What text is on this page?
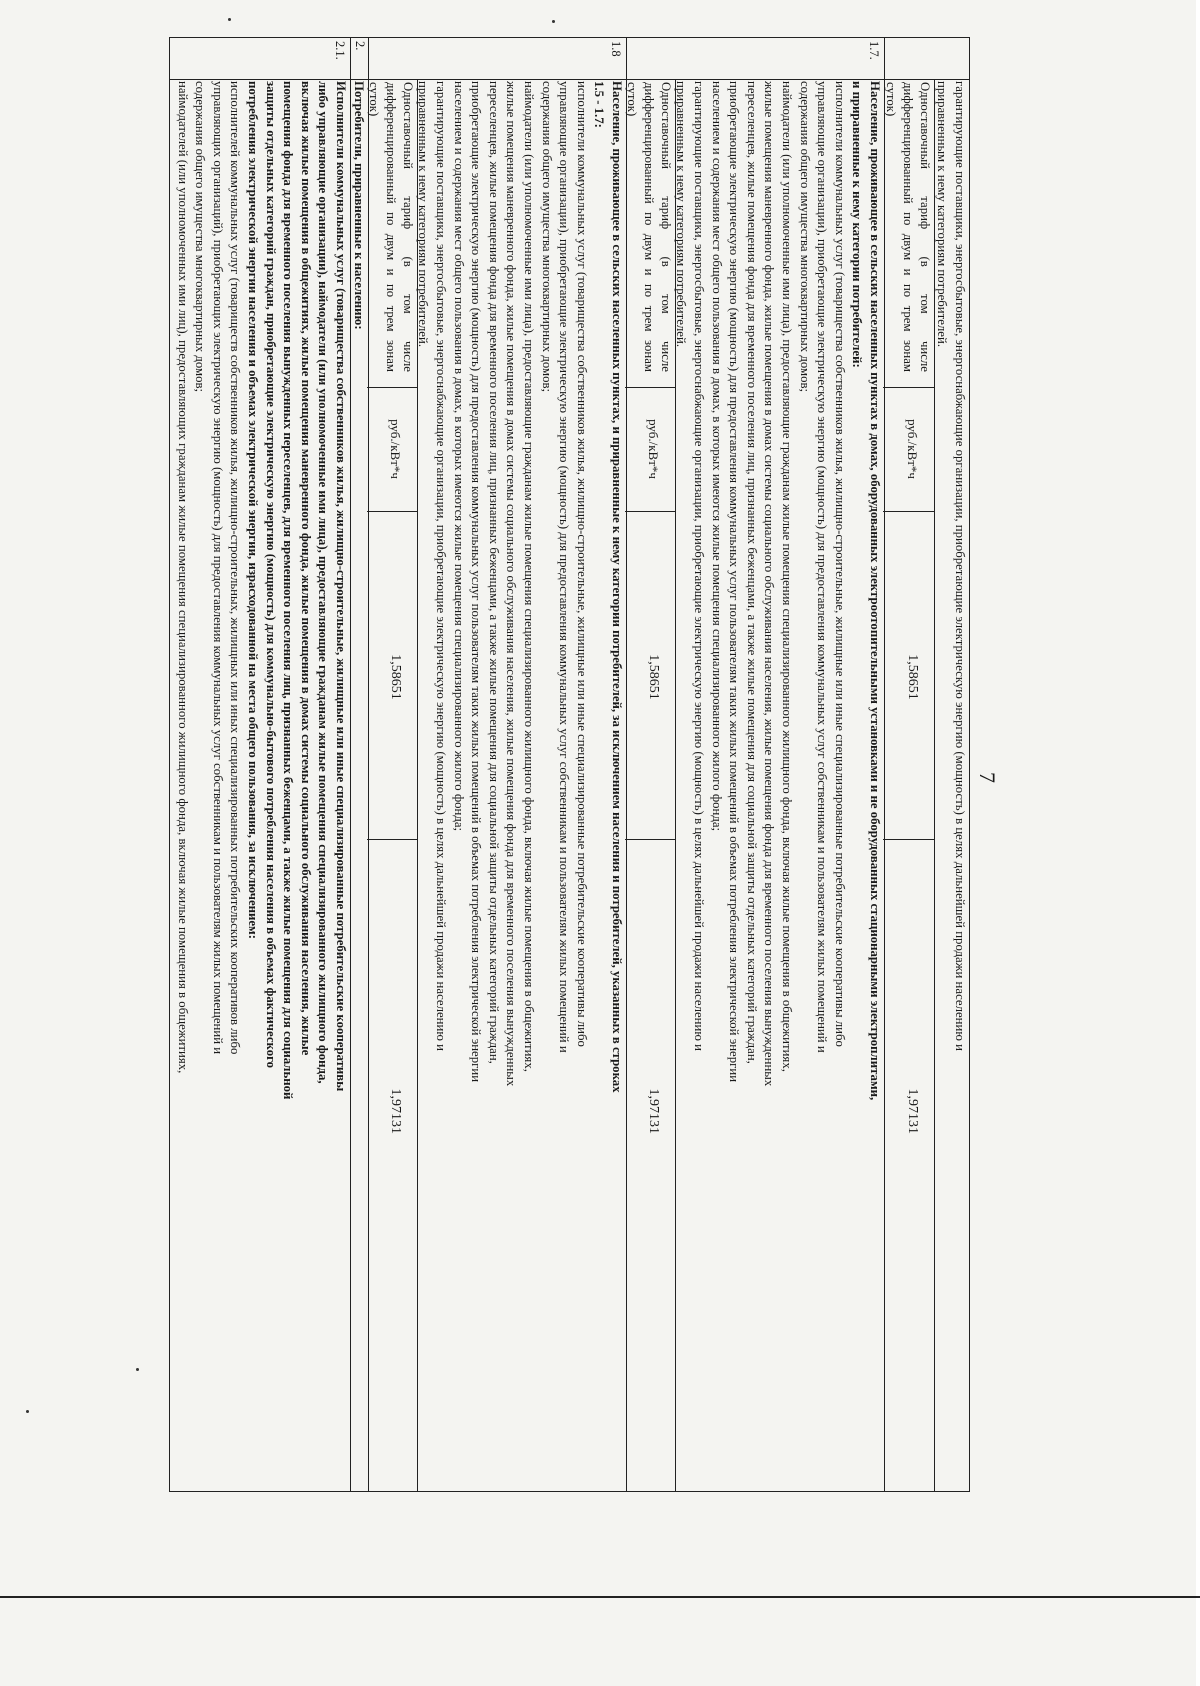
7

гарантирующие поставщики, энергосбытовые, энергоснабжающие организации, приобретающие электрическую энергию (мощность) в целях дальнейшей продажи населению и

приравненным к нему категориям потребителей.

Одноставочный тариф (в том числе дифференцированный по двум и по трем зонам суток)
руб./кВт*ч
1,58651
1,97131
1.7.

Население, проживающее в сельских населенных пунктах в домах, оборудованных электроотопительными установками и не оборудованных стационарными электроплитами,

и приравненные к нему категории потребителей:

исполнители коммунальных услуг (товарищества собственников жилья, жилищно-строительные, жилищные или иные специализированные потребительские кооперативы либо

управляющие организации), приобретающие электрическую энергию (мощность) для предоставления коммунальных услуг собственникам и пользователям жилых помещений и

содержания общего имущества многоквартирных домов;

наймодатели (или уполномоченные ими лица), предоставляющие гражданам жилые помещения специализированного жилищного фонда, включая жилые помещения в общежитиях,

жилые помещения маневренного фонда, жилые помещения в домах системы социального обслуживания населения, жилые помещения фонда для временного поселения вынужденных

переселенцев, жилые помещения фонда для временного поселения лиц, признанных беженцами, а также жилые помещения для социальной защиты отдельных категорий граждан,

приобретающие электрическую энергию (мощность) для предоставления коммунальных услуг пользователям таких жилых помещений в объемах потребления электрической энергии

населением и содержания мест общего пользования в домах, в которых имеются жилые помещения специализированного жилого фонда;

гарантирующие поставщики, энергосбытовые, энергоснабжающие организации, приобретающие электрическую энергию (мощность) в целях дальнейшей продажи населению и

приравненным к нему категориям потребителей.

Одноставочный тариф (в том числе дифференцированный по двум и по трем зонам суток)
руб./кВт*ч
1,58651
1,97131
1.8

Население, проживающее в сельских населенных пунктах, и приравненные к нему категории потребителей, за исключением населения и потребителей, указанных в строках

1.5 - 1.7:

исполнители коммунальных услуг (товарищества собственников жилья, жилищно-строительные, жилищные или иные специализированные потребительские кооперативы либо

управляющие организации), приобретающие электрическую энергию (мощность) для предоставления коммунальных услуг собственникам и пользователям жилых помещений и

содержания общего имущества многоквартирных домов;

наймодатели (или уполномоченные ими лица), предоставляющие гражданам жилые помещения специализированного жилищного фонда, включая жилые помещения в общежитиях,

жилые помещения маневренного фонда, жилые помещения в домах системы социального обслуживания населения, жилые помещения фонда для временного поселения вынужденных

переселенцев, жилые помещения фонда для временного поселения лиц, признанных беженцами, а также жилые помещения для социальной защиты отдельных категорий граждан,

приобретающие электрическую энергию (мощность) для предоставления коммунальных услуг пользователям таких жилых помещений в объемах потребления электрической энергии

населением и содержания мест общего пользования в домах, в которых имеются жилые помещения специализированного жилого фонда;

гарантирующие поставщики, энергосбытовые, энергоснабжающие организации, приобретающие электрическую энергию (мощность) в целях дальнейшей продажи населению и

приравненным к нему категориям потребителей.

Одноставочный тариф (в том числе дифференцированный по двум и по трем зонам суток)
руб./кВт*ч
1,58651
1,97131
2.

Потребители, приравненные к населению:

2.1.

Исполнители коммунальных услуг (товарищества собственников жилья, жилищно-строительные, жилищные или иные специализированные потребительские кооперативы

либо управляющие организации), наймодатели (или уполномоченные ими лица), предоставляющие гражданам жилые помещения специализированного жилищного фонда,

включая жилые помещения в общежитиях, жилые помещения маневренного фонда, жилые помещения в домах системы социального обслуживания населения, жилые

помещения фонда для временного поселения вынужденных переселенцев, для временного поселения лиц, признанных беженцами, а также жилые помещения для социальной

защиты отдельных категорий граждан, приобретающие электрическую энергию (мощность) для коммунально-бытового потребления населения в объемах фактического

потребления электрической энергии населения и объемах электрической энергии, израсходованной на места общего пользования, за исключением:

исполнителей коммунальных услуг (товариществ собственников жилья, жилищно-строительных, жилищных или иных специализированных потребительских кооперативов либо

управляющих организаций), приобретающих электрическую энергию (мощность) для предоставления коммунальных услуг собственникам и пользователям жилых помещений и

содержания общего имущества многоквартирных домов;

наймодателей (или уполномоченных ими лиц), предоставляющих гражданам жилые помещения специализированного жилищного фонда, включая жилые помещения в общежитиях,
